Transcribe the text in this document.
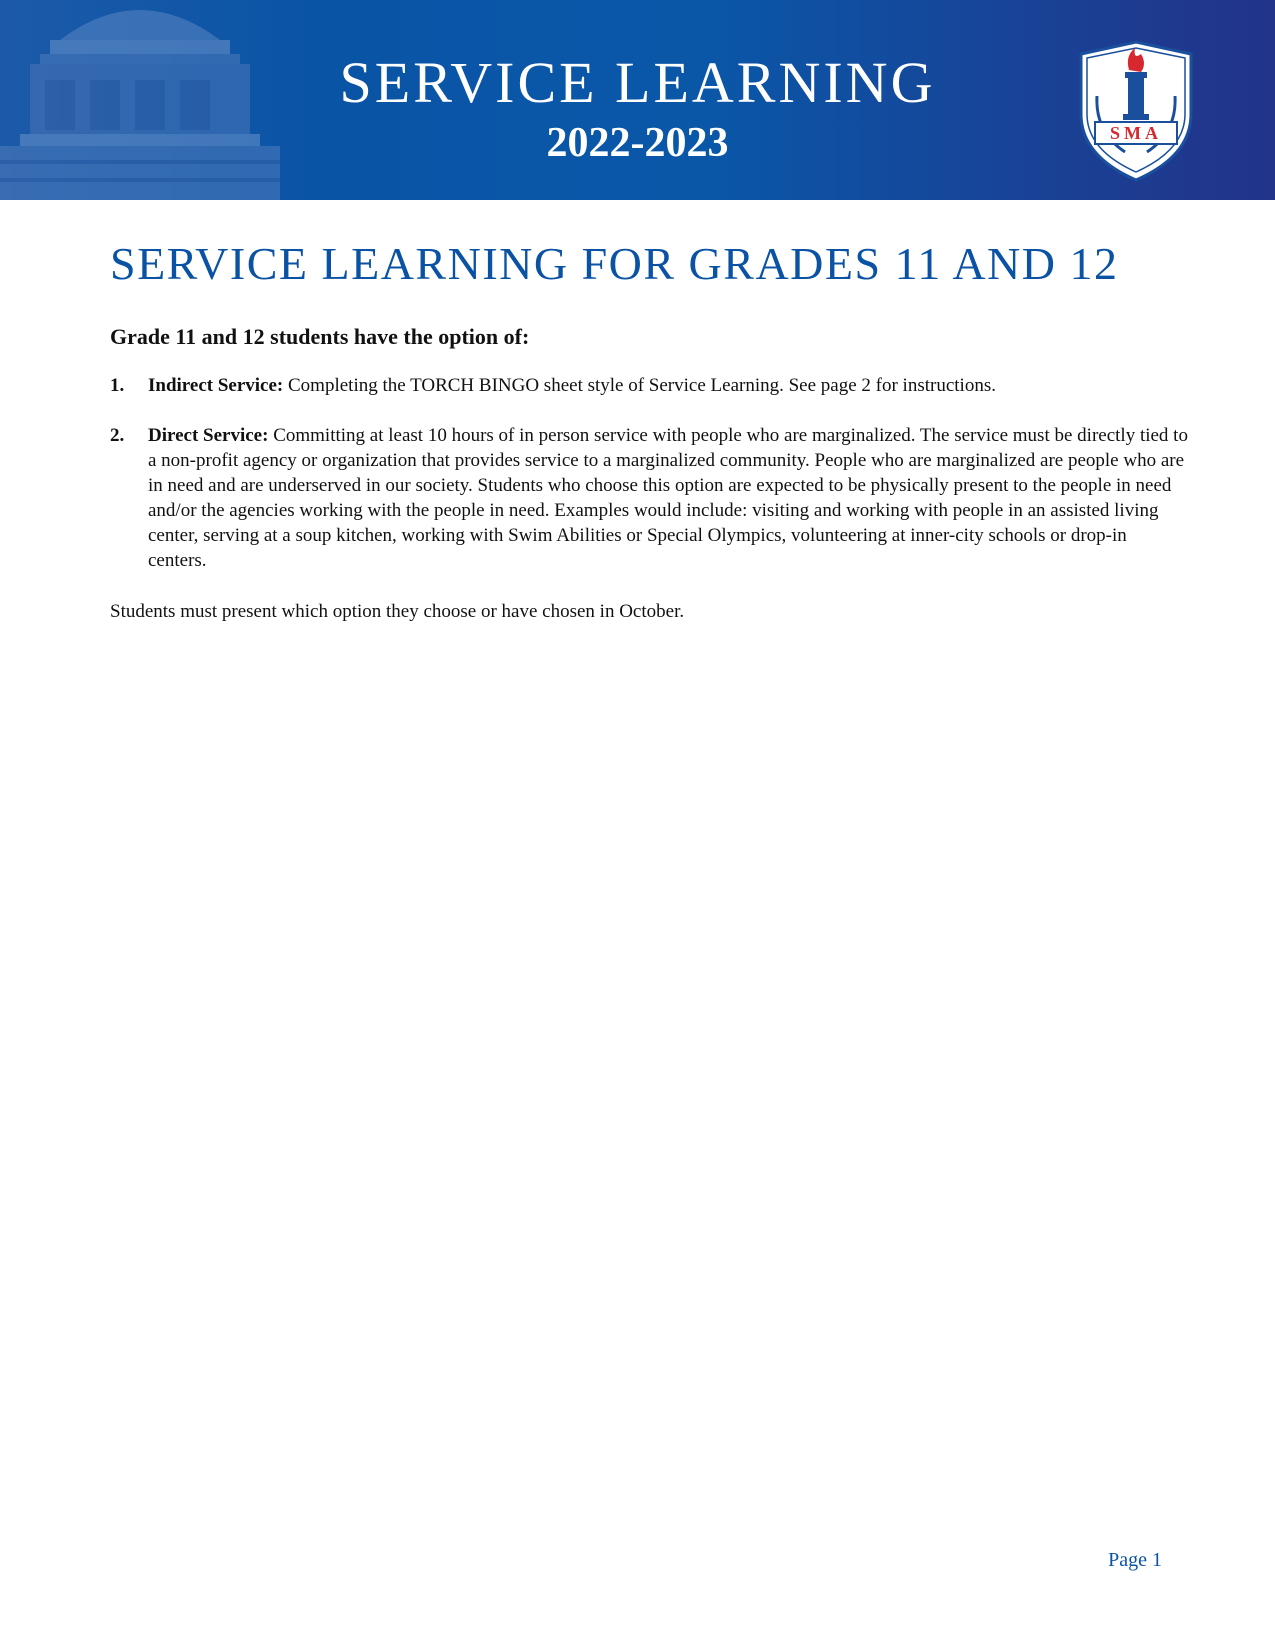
SERVICE LEARNING
2022-2023	SMA
SERVICE LEARNING FOR GRADES 11 AND 12
Grade 11 and 12 students have the option of:
1. Indirect Service: Completing the TORCH BINGO sheet style of Service Learning. See page 2 for instructions.
2. Direct Service: Committing at least 10 hours of in person service with people who are marginalized. The service must be directly tied to a non-profit agency or organization that provides service to a marginalized community. People who are marginalized are people who are in need and are underserved in our society. Students who choose this option are expected to be physically present to the people in need and/or the agencies working with the people in need. Examples would include: visiting and working with people in an assisted living center, serving at a soup kitchen, working with Swim Abilities or Special Olympics, volunteering at inner-city schools or drop-in centers.
Students must present which option they choose or have chosen in October.
Page 1
